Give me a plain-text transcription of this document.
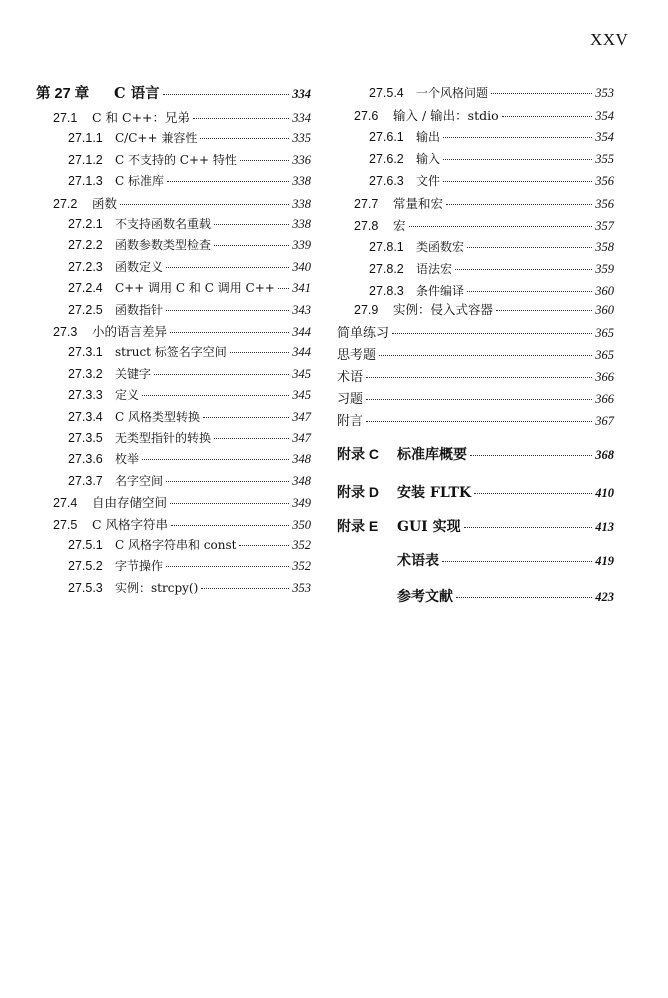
XXV
第 27 章	C 语言	334
27.1	C 和 C++：兄弟	334
27.1.1	C/C++ 兼容性	335
27.1.2	C 不支持的 C++ 特性	336
27.1.3	C 标准库	338
27.2	函数	338
27.2.1	不支持函数名重载	338
27.2.2	函数参数类型检查	339
27.2.3	函数定义	340
27.2.4	C++ 调用 C 和 C 调用 C++ 341
27.2.5	函数指针	343
27.3	小的语言差异	344
27.3.1	struct 标签名字空间	344
27.3.2	关键字	345
27.3.3	定义	345
27.3.4	C 风格类型转换	347
27.3.5	无类型指针的转换	347
27.3.6	枚举	348
27.3.7	名字空间	348
27.4	自由存储空间	349
27.5	C 风格字符串	350
27.5.1	C 风格字符串和 const	352
27.5.2	字节操作	352
27.5.3	实例：strcpy()	353
27.5.4	一个风格问题	353
27.6	输入 / 输出：stdio	354
27.6.1	输出	354
27.6.2	输入	355
27.6.3	文件	356
27.7	常量和宏	356
27.8	宏	357
27.8.1	类函数宏	358
27.8.2	语法宏	359
27.8.3	条件编译	360
27.9	实例：侵入式容器	360
简单练习	365
思考题	365
术语	366
习题	366
附言	367
附录 C	标准库概要	368
附录 D	安装 FLTK	410
附录 E	GUI 实现	413
术语表	419
参考文献	423
